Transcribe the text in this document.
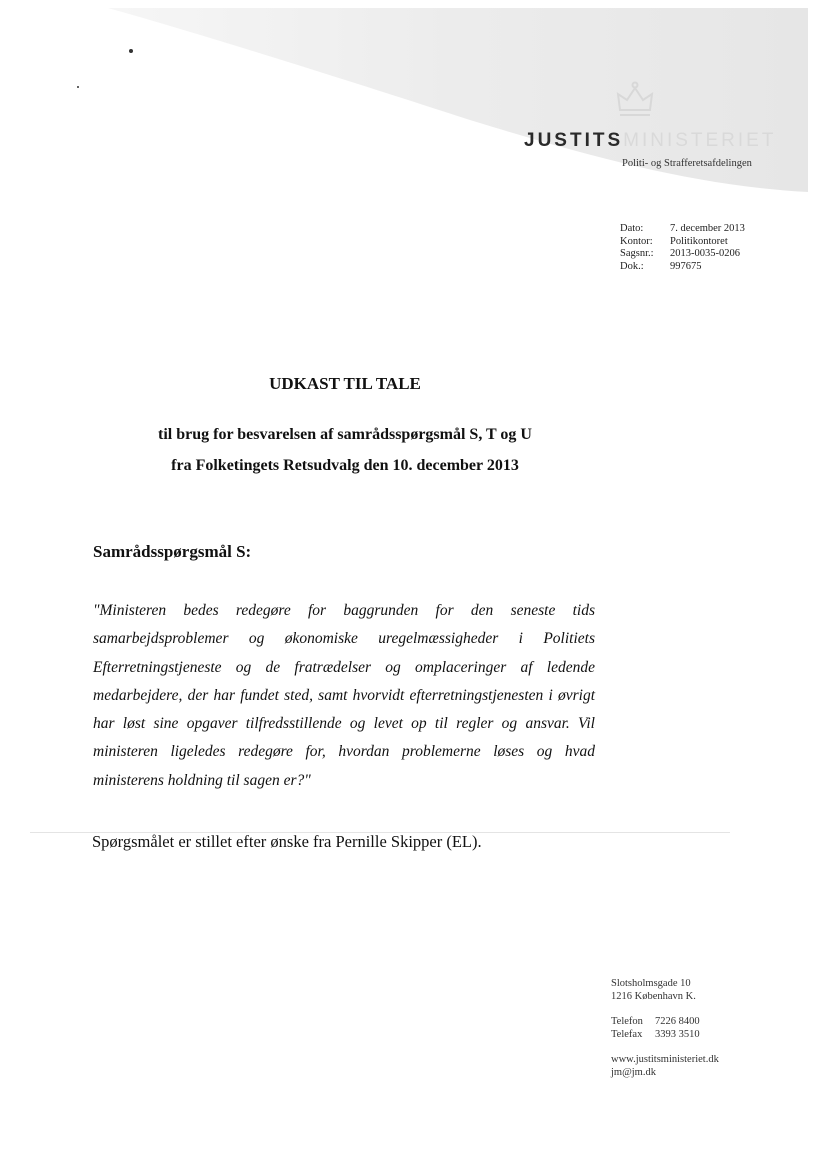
JUSTITSMINISTERIET
Politi- og Strafferetsafdelingen
Dato:	7. december 2013
Kontor:	Politikontoret
Sagsnr.:	2013-0035-0206
Dok.:	997675
UDKAST TIL TALE
til brug for besvarelsen af samrådsspørgsmål S, T og U
fra Folketingets Retsudvalg den 10. december 2013
Samrådsspørgsmål S:
"Ministeren bedes redegøre for baggrunden for den seneste tids samarbejdsproblemer og økonomiske uregelmæssigheder i Politiets Efterretningstjeneste og de fratrædelser og omplaceringer af ledende medarbejdere, der har fundet sted, samt hvorvidt efterretningstjenesten i øvrigt har løst sine opgaver tilfredsstillende og levet op til regler og ansvar. Vil ministeren ligeledes redegøre for, hvordan problemerne løses og hvad ministerens holdning til sagen er?"
Spørgsmålet er stillet efter ønske fra Pernille Skipper (EL).
Slotsholmsgade 10
1216 København K.
Telefon	7226 8400
Telefax	3393 3510
www.justitsministeriet.dk
jm@jm.dk
